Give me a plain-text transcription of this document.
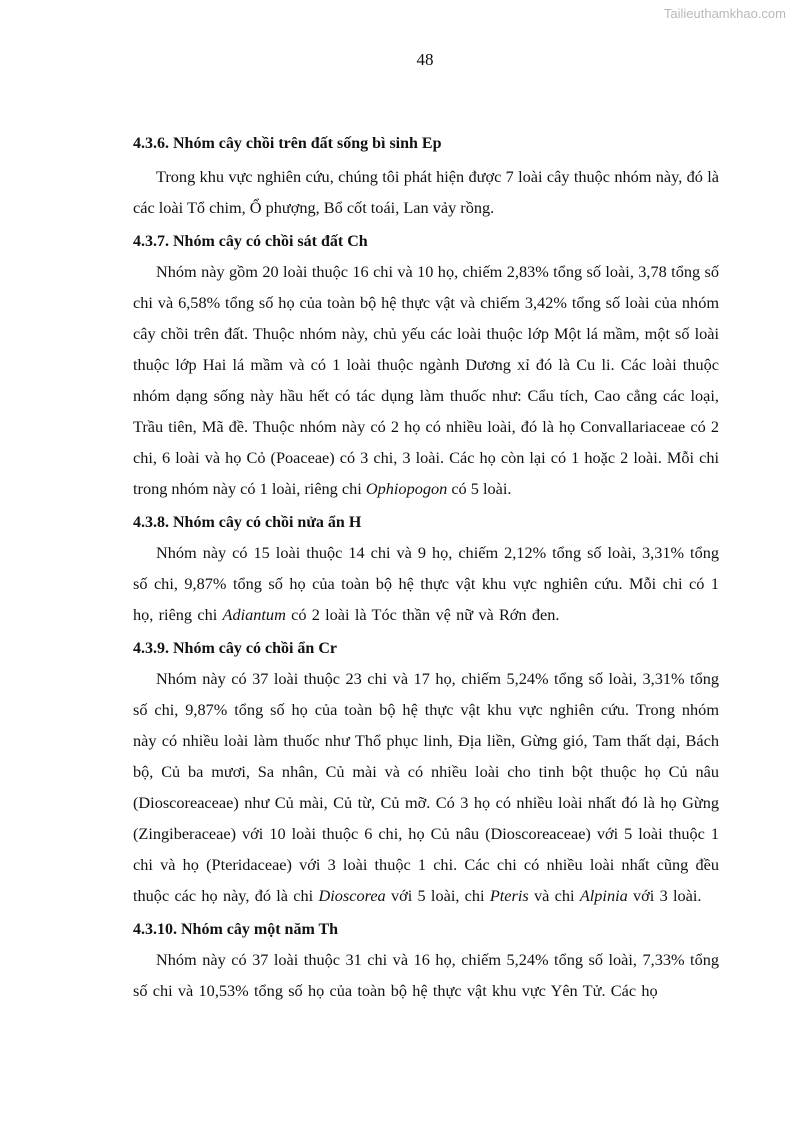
Tailieuthamkhao.com
48
4.3.6. Nhóm cây chồi trên đất sống bì sinh Ep

Trong khu vực nghiên cứu, chúng tôi phát hiện được 7 loài cây thuộc nhóm này, đó là các loài Tổ chim, Ổ phượng, Bổ cốt toái, Lan vảy rồng.

4.3.7. Nhóm cây có chồi sát đất Ch

Nhóm này gồm 20 loài thuộc 16 chi và 10 họ, chiếm 2,83% tổng số loài, 3,78 tổng số chi và 6,58% tổng số họ của toàn bộ hệ thực vật và chiếm 3,42% tổng số loài của nhóm cây chồi trên đất. Thuộc nhóm này, chủ yếu các loài thuộc lớp Một lá mầm, một số loài thuộc lớp Hai lá mầm và có 1 loài thuộc ngành Dương xỉ đó là Cu li. Các loài thuộc nhóm dạng sống này hầu hết có tác dụng làm thuốc như: Cẩu tích, Cao cẳng các loại, Trầu tiên, Mã đề. Thuộc nhóm này có 2 họ có nhiều loài, đó là họ Convallariaceae có 2 chi, 6 loài và họ Cỏ (Poaceae) có 3 chi, 3 loài. Các họ còn lại có 1 hoặc 2 loài. Mỗi chi trong nhóm này có 1 loài, riêng chi Ophiopogon có 5 loài.

4.3.8. Nhóm cây có chồi nửa ẩn H

Nhóm này có 15 loài thuộc 14 chi và 9 họ, chiếm 2,12% tổng số loài, 3,31% tổng số chi, 9,87% tổng số họ của toàn bộ hệ thực vật khu vực nghiên cứu. Mỗi chi có 1 họ, riêng chi Adiantum có 2 loài là Tóc thần vệ nữ và Rớn đen.

4.3.9. Nhóm cây có chồi ẩn Cr

Nhóm này có 37 loài thuộc 23 chi và 17 họ, chiếm 5,24% tổng số loài, 3,31% tổng số chi, 9,87% tổng số họ của toàn bộ hệ thực vật khu vực nghiên cứu. Trong nhóm này có nhiều loài làm thuốc như Thổ phục linh, Địa liền, Gừng gió, Tam thất dại, Bách bộ, Củ ba mươi, Sa nhân, Củ mài và có nhiều loài cho tinh bột thuộc họ Củ nâu (Dioscoreaceae) như Củ mài, Củ từ, Củ mỡ. Có 3 họ có nhiều loài nhất đó là họ Gừng (Zingiberaceae) với 10 loài thuộc 6 chi, họ Củ nâu (Dioscoreaceae) với 5 loài thuộc 1 chi và họ (Pteridaceae) với 3 loài thuộc 1 chi. Các chi có nhiều loài nhất cũng đều thuộc các họ này, đó là chi Dioscorea với 5 loài, chi Pteris và chi Alpinia với 3 loài.

4.3.10. Nhóm cây một năm Th

Nhóm này có 37 loài thuộc 31 chi và 16 họ, chiếm 5,24% tổng số loài, 7,33% tổng số chi và 10,53% tổng số họ của toàn bộ hệ thực vật khu vực Yên Tử. Các họ
